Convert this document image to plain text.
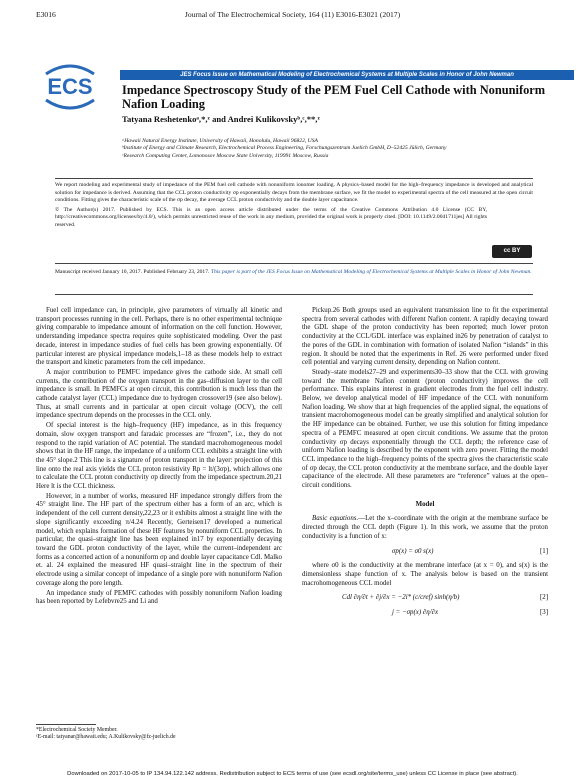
E3016	Journal of The Electrochemical Society, 164 (11) E3016-E3021 (2017)
ECS	JES Focus Issue on Mathematical Modeling of Electrochemical Systems at Multiple Scales in Honor of John Newman
Impedance Spectroscopy Study of the PEM Fuel Cell Cathode with Nonuniform Nafion Loading
Tatyana Reshetenkoᵃ,*,ᶻ and Andrei Kulikovskyᵇ,ᶜ,**,ᶻ
ᵃHawaii Natural Energy Institute, University of Hawaii, Honolulu, Hawaii 96822, USA
ᵇInstitute of Energy and Climate Research, Electrochemical Process Engineering, Forschungszentrum Juelich GmbH, D–52425 Jülich, Germany
ᶜResearch Computing Center, Lomonosov Moscow State University, 119991 Moscow, Russia

We report modeling and experimental study of impedance of the PEM fuel cell cathode with nonuniform ionomer loading. A physics–based model for the high–frequency impedance is developed and analytical solution for impedance is derived. Assuming that the CCL proton conductivity σp exponentially decays from the membrane surface, we fit the model to experimental spectra of the cell measured at the open circuit conditions. Fitting gives the characteristic scale of the σp decay, the average CCL proton conductivity and the double layer capacitance.

© The Author(s) 2017. Published by ECS. This is an open access article distributed under the terms of the Creative Commons Attribution 4.0 License (CC BY, http://creativecommons.org/licenses/by/4.0/), which permits unrestricted reuse of the work in any medium, provided the original work is properly cited. [DOI: 10.1149/2.0041711jes] All rights reserved.

cc BY
Manuscript received January 10, 2017. Published February 23, 2017. This paper is part of the JES Focus Issue on Mathematical Modeling of Electrochemical Systems at Multiple Scales in Honor of John Newman.

Fuel cell impedance can, in principle, give parameters of virtually all kinetic and transport processes running in the cell. Perhaps, there is no other experimental technique giving comparable to impedance amount of information on the cell function. However, understanding impedance spectra requires quite sophisticated modeling. Over the past decade, interest in impedance studies of fuel cells has been growing exponentially. Of particular interest are physical impedance models,1–18 as these models help to extract the transport and kinetic parameters from the cell impedance.

A major contribution to PEMFC impedance gives the cathode side. At small cell currents, the contribution of the oxygen transport in the gas–diffusion layer to the cell impedance is small. In PEMFCs at open circuit, this contribution is much less than the cathode catalyst layer (CCL) impedance due to hydrogen crossover19 (see also below). Thus, at small currents and in particular at open circuit voltage (OCV), the cell impedance spectrum depends on the processes in the CCL only.

Of special interest is the high–frequency (HF) impedance, as in this frequency domain, slow oxygen transport and faradaic processes are “frozen”, i.e., they do not respond to the rapid variation of AC potential. The standard macrohomogeneous model shows that in the HF range, the impedance of a uniform CCL exhibits a straight line with the 45° slope.2 This line is a signature of proton transport in the layer: projection of this line onto the real axis yields the CCL proton resistivity Rp = lt/(3σp), which allows one to calculate the CCL proton conductivity σp directly from the impedance spectrum.20,21 Here lt is the CCL thickness.

However, in a number of works, measured HF impedance strongly differs from the 45° straight line. The HF part of the spectrum either has a form of an arc, which is independent of the cell current density,22,23 or it exhibits almost a straight line with the slope significantly exceeding π/4.24 Recently, Gerteisen17 developed a numerical model, which explains formation of these HF features by nonuniform CCL properties. In particular, the quasi–straight line has been explained in17 by exponentially decaying toward the GDL proton conductivity of the layer, while the current–independent arc forms as a concerted action of a nonuniform σp and double layer capacitance Cdl. Malko et. al. 24 explained the measured HF quasi–straight line in the spectrum of their electrode using a similar concept of impedance of a single pore with nonuniform Nafion coverage along the pore length.

An impedance study of PEMFC cathodes with possibly nonuniform Nafion loading has been reported by Lefebvre25 and Li and

Pickup.26 Both groups used an equivalent transmission line to fit the experimental spectra from several cathodes with different Nafion content. A rapidly decaying toward the GDL shape of the proton conductivity has been reported; much lower proton conductivity at the CCL/GDL interface was explained in26 by penetration of catalyst to the pores of the GDL in combination with formation of isolated Nafion “islands” in this region. It should be noted that the experiments in Ref. 26 were performed under fixed cell potential and varying current density, depending on Nafion content.

Steady–state models27–29 and experiments30–33 show that the CCL with growing toward the membrane Nafion content (proton conductivity) improves the cell performance. This explains interest in gradient electrodes from the fuel cell industry. Below, we develop analytical model of HF impedance of the CCL with nonuniform Nafion loading. We show that at high frequencies of the applied signal, the equations of transient macrohomogeneous model can be greatly simplified and analytical solution for the HF impedance can be obtained. Further, we use this solution for fitting impedance spectra of a PEMFC measured at open circuit conditions. We assume that the proton conductivity σp decays exponentially through the CCL depth; the reference case of uniform Nafion loading is described by the exponent with zero power. Fitting the model CCL impedance to the high–frequency points of the spectra gives the characteristic scale of σp decay, the CCL proton conductivity at the membrane surface, and the double layer capacitance of the electrode. All these parameters are “reference” values at the open–circuit conditions.

Model

Basic equations.—Let the x–coordinate with the origin at the membrane surface be directed through the CCL depth (Figure 1). In this work, we assume that the proton conductivity is a function of x:

σp(x) = σ0 s(x)	[1]

where σ0 is the conductivity at the membrane interface (at x = 0), and s(x) is the dimensionless shape function of x. The analysis below is based on the transient macrohomogeneous CCL model

Cdl ∂η/∂t + ∂j/∂x = −2i* (c/cref) sinh(η/b)	[2]
j = −σp(x) ∂η/∂x	[3]
*Electrochemical Society Member.
ᶻE-mail: tatyanar@hawaii.edu; A.Kulikovsky@fz-juelich.de
Downloaded on 2017-10-05 to IP 134.94.122.142 address. Redistribution subject to ECS terms of use (see ecsdl.org/site/terms_use) unless CC License in place (see abstract).
